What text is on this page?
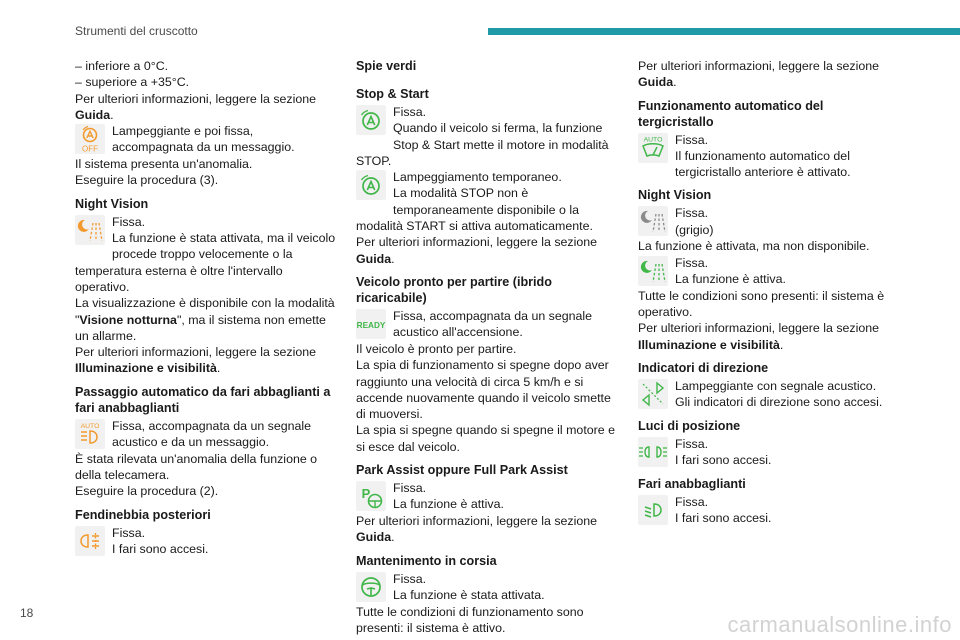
Strumenti del cruscotto

– inferiore a 0°C.

– superiore a +35°C.

Per ulteriori informazioni, leggere la sezione Guida.

OFF

Lampeggiante e poi fissa, accompagnata da un messaggio.

Il sistema presenta un'anomalia.

Eseguire la procedura (3).

Night Vision

Fissa.

La funzione è stata attivata, ma il veicolo procede troppo velocemente o la temperatura esterna è oltre l'intervallo operativo.

La visualizzazione è disponibile con la modalità "Visione notturna", ma il sistema non emette un allarme.

Per ulteriori informazioni, leggere la sezione Illuminazione e visibilità.

Passaggio automatico da fari abbaglianti a fari anabbaglianti
AUTO	Fissa, accompagnata da un segnale acustico e da un messaggio.

È stata rilevata un'anomalia della funzione o della telecamera.

Eseguire la procedura (2).

Fendinebbia posteriori

Fissa.

I fari sono accesi.

Spie verdi
Stop & Start

Fissa.

Quando il veicolo si ferma, la funzione Stop & Start mette il motore in modalità STOP.

Lampeggiamento temporaneo.

La modalità STOP non è temporaneamente disponibile o la modalità START si attiva automaticamente.

Per ulteriori informazioni, leggere la sezione Guida.

Veicolo pronto per partire (ibrido ricaricabile)
READY

Fissa, accompagnata da un segnale acustico all'accensione.

Il veicolo è pronto per partire.

La spia di funzionamento si spegne dopo aver raggiunto una velocità di circa 5 km/h e si accende nuovamente quando il veicolo smette di muoversi.

La spia si spegne quando si spegne il motore e si esce dal veicolo.

Park Assist oppure Full Park Assist
P	Fissa.

La funzione è attiva.

Per ulteriori informazioni, leggere la sezione Guida.

Mantenimento in corsia

Fissa.

La funzione è stata attivata.

Tutte le condizioni di funzionamento sono presenti: il sistema è attivo.

Per ulteriori informazioni, leggere la sezione Guida.

Funzionamento automatico del tergicristallo
AUTO	Fissa.

Il funzionamento automatico del tergicristallo anteriore è attivato.

Night Vision

Fissa.

(grigio)

La funzione è attivata, ma non disponibile.

Fissa.

La funzione è attiva.

Tutte le condizioni sono presenti: il sistema è operativo.

Per ulteriori informazioni, leggere la sezione Illuminazione e visibilità.

Indicatori di direzione

Lampeggiante con segnale acustico.

Gli indicatori di direzione sono accesi.

Luci di posizione

Fissa.

I fari sono accesi.

Fari anabbaglianti

Fissa.

I fari sono accesi.

18	carmanualsonline.info
